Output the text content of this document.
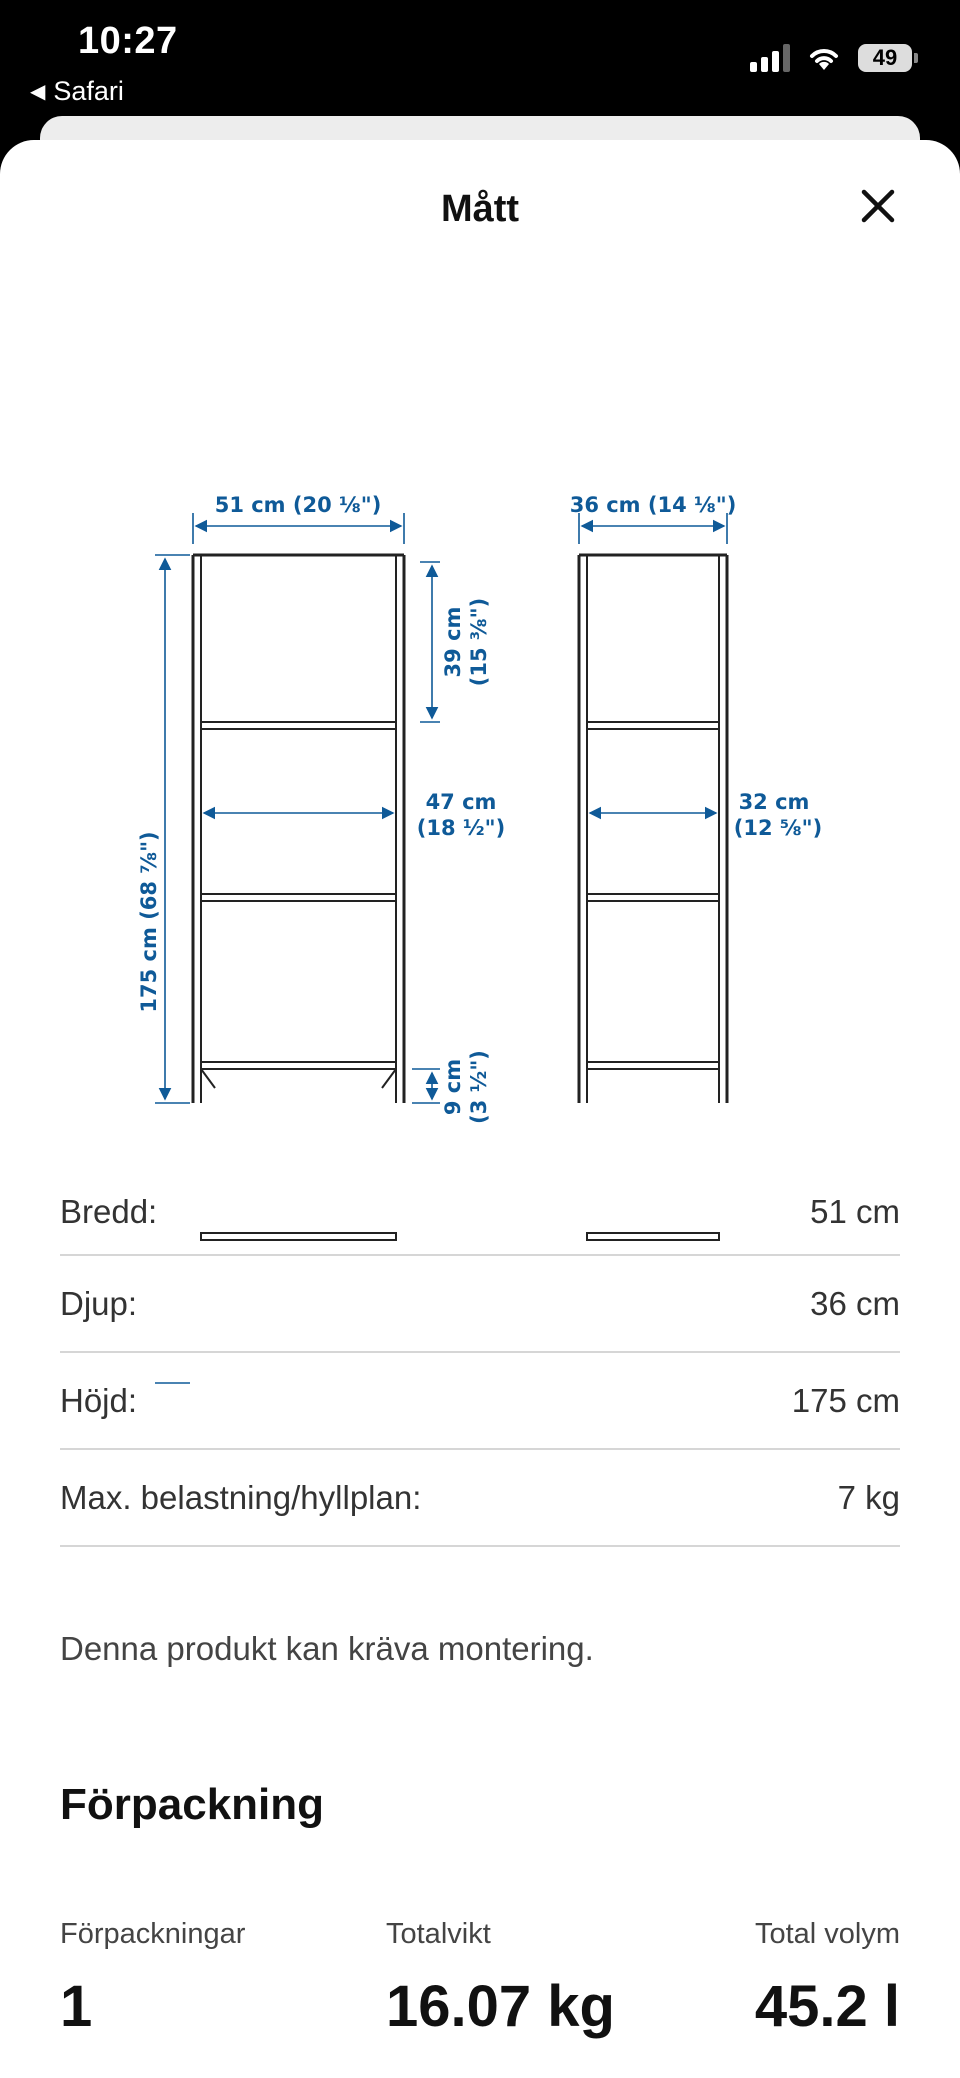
10:27
◀ Safari
49
Mått
51 cm (20 ⅛")	36 cm (14 ⅛")
39 cm (15 ⅜")
47 cm
(18 ½")
32 cm
(12 ⅝")
175 cm (68 ⅞")
9 cm (3 ½")
Bredd:	51 cm
Djup:	36 cm
Höjd:	175 cm
Max. belastning/hyllplan:	7 kg
Denna produkt kan kräva montering.
Förpackning
Förpackningar
1
Totalvikt
16.07 kg
Total volym
45.2 l
